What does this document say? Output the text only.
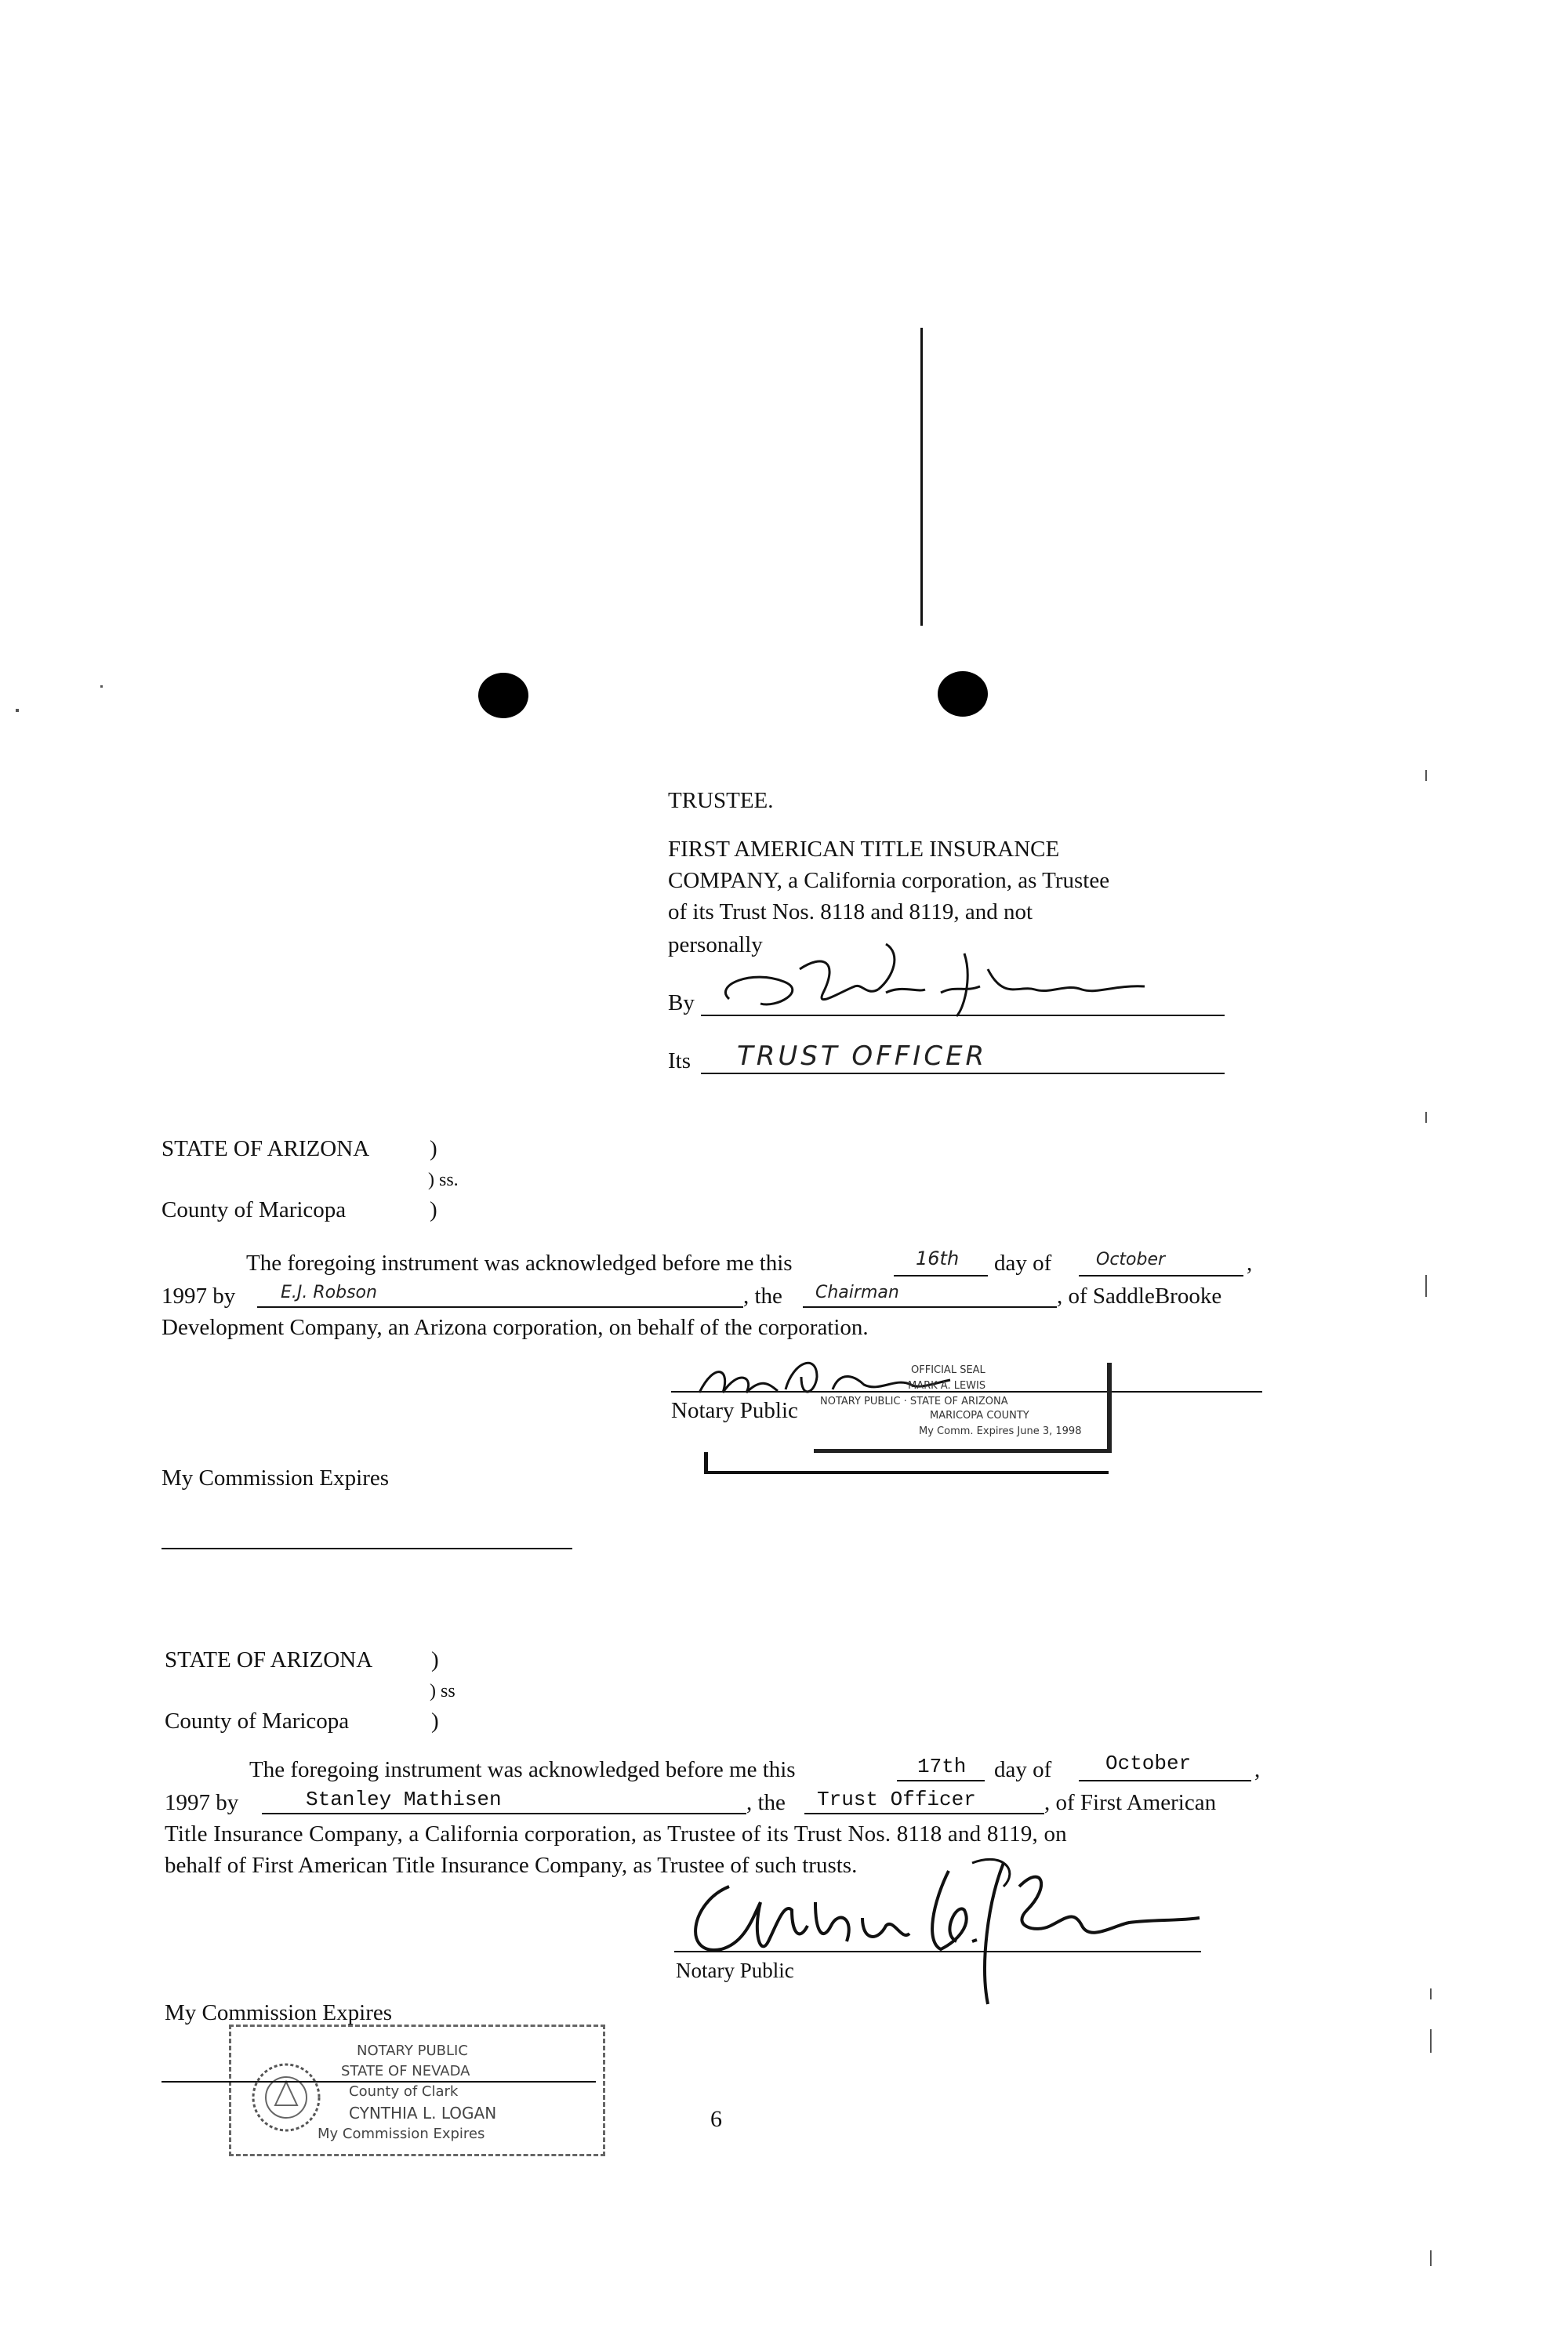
TRUSTEE.
FIRST AMERICAN TITLE INSURANCE
COMPANY, a California corporation, as Trustee
of its Trust Nos. 8118 and 8119, and not
personally
By
Its TRUST OFFICER
STATE OF ARIZONA	)
) ss.
County of Maricopa	)
The foregoing instrument was acknowledged before me this	16th day of	October	,
1997 by	E.J. Robson	, the Chairman	, of SaddleBrooke
Development Company, an Arizona corporation, on behalf of the corporation.
Notary Public
OFFICIAL SEAL
MARK A. LEWIS
NOTARY PUBLIC · STATE OF ARIZONA
MARICOPA COUNTY
My Comm. Expires June 3, 1998
My Commission Expires
STATE OF ARIZONA	)
) ss
County of Maricopa	)
The foregoing instrument was acknowledged before me this	17th day of	October	,
1997 by	Stanley Mathisen	, the Trust Officer	, of First American
Title Insurance Company, a California corporation, as Trustee of its Trust Nos. 8118 and 8119, on
behalf of First American Title Insurance Company, as Trustee of such trusts.
Notary Public
My Commission Expires
NOTARY PUBLIC
STATE OF NEVADA
County of Clark
CYNTHIA L. LOGAN
My Commission Expires
6
